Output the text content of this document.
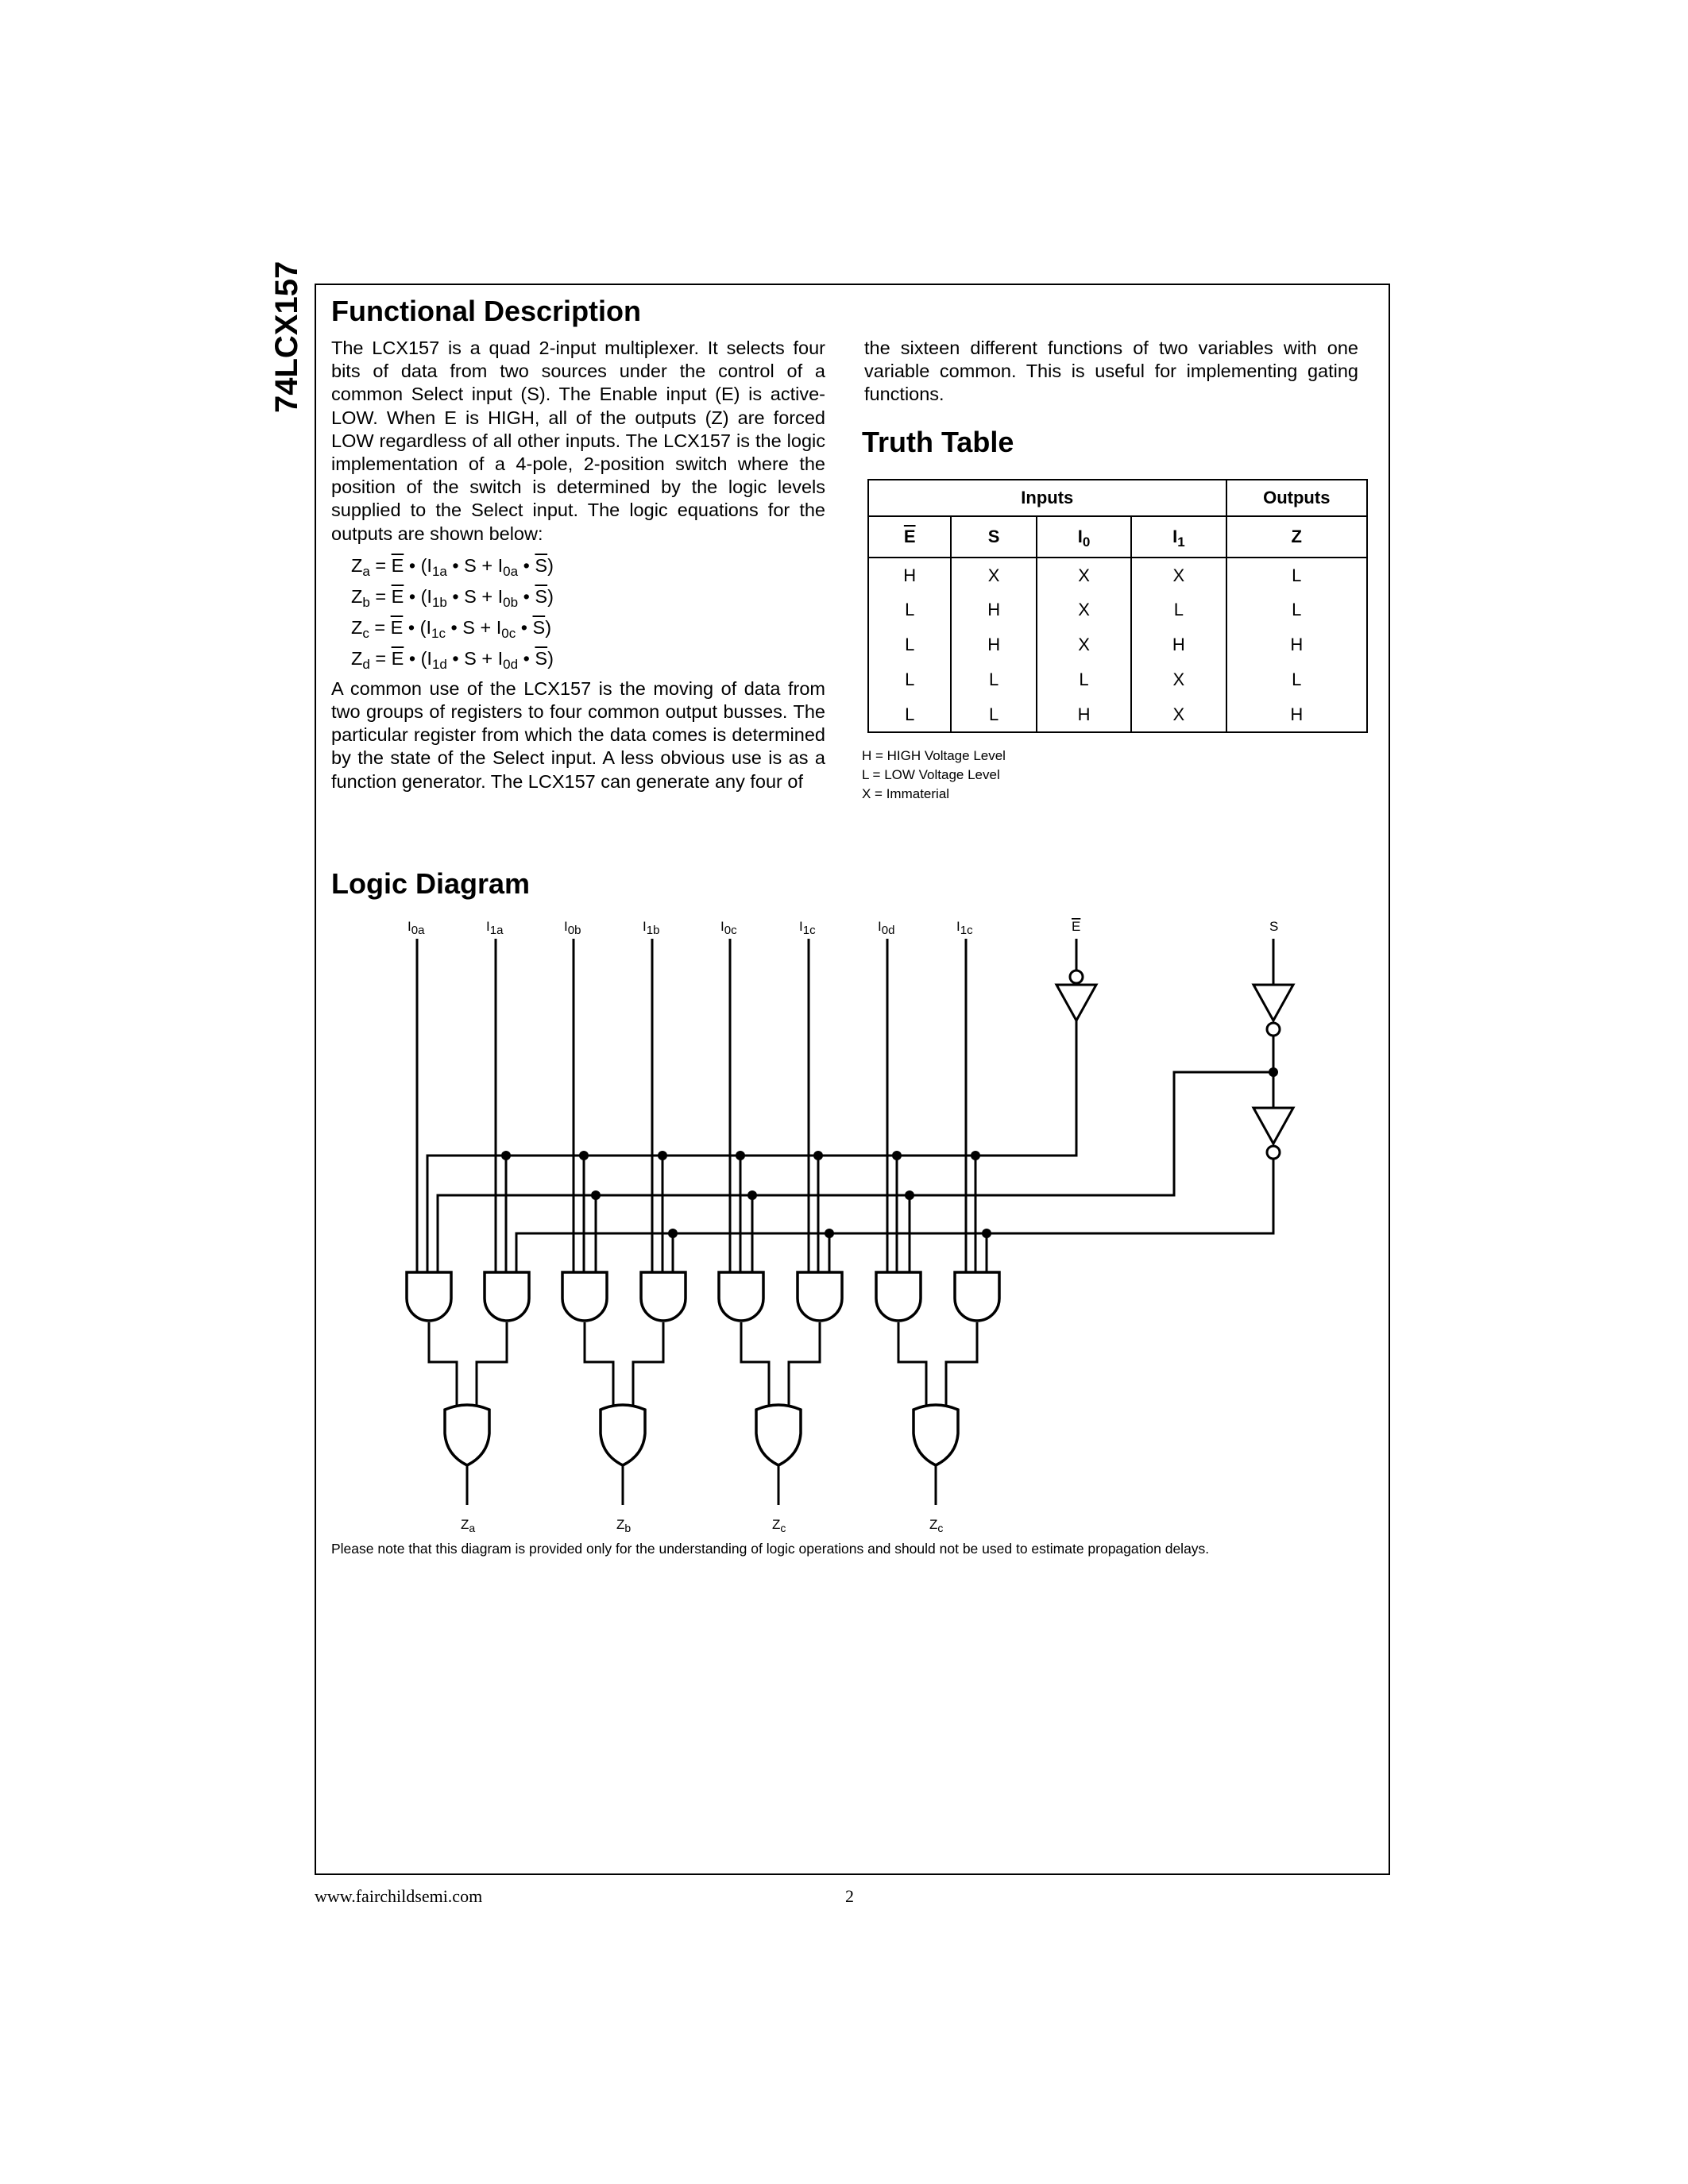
74LCX157 Functional Description
Truth Table
Logic Diagram

The LCX157 is a quad 2-input multiplexer. It selects four bits of data from two sources under the control of a common Select input (S). The Enable input (E) is active-LOW. When E is HIGH, all of the outputs (Z) are forced LOW regardless of all other inputs. The LCX157 is the logic implementation of a 4-pole, 2-position switch where the position of the switch is determined by the logic levels supplied to the Select input. The logic equations for the outputs are shown below:

$Z_a = \overline{E}$ • ($I_{1a}$ • $S + I_{0a}$ • $\overline{S}$)
$Z_b = \overline{E}$ • ($I_{1b}$ • $S + I_{0b}$ • $\overline{S}$)
$Z_c = \overline{E}$ • ($I_{1c}$ • $S + I_{0c}$ • $\overline{S}$)
$Z_d = \overline{E}$ • ($I_{1d}$ • $S + I_{0d}$ • $\overline{S}$)

A common use of the LCX157 is the moving of data from two groups of registers to four common output busses. The particular register from which the data comes is determined by the state of the Select input. A less obvious use is as a function generator. The LCX157 can generate any four of

the sixteen different functions of two variables with one variable common. This is useful for implementing gating functions.

Inputs				Outputs
$\overline{E}$	S	$I_0$	$I_1$	Z
H	X	X	X	L
L	H	X	L	L
L	H	X	H	H
L	L	L	X	L
L	L	H	X	H
H = HIGH Voltage Level
L = LOW Voltage Level
X = Immaterial
I0a	I1a	I0b	I1b	I0c	I1c	I0d	I1c	E	S
$Z_a$	$Z_b$	$Z_c$	$Z_c$
Please note that this diagram is provided only for the understanding of logic operations and should not be used to estimate propagation delays.
www.fairchildsemi.com	2
